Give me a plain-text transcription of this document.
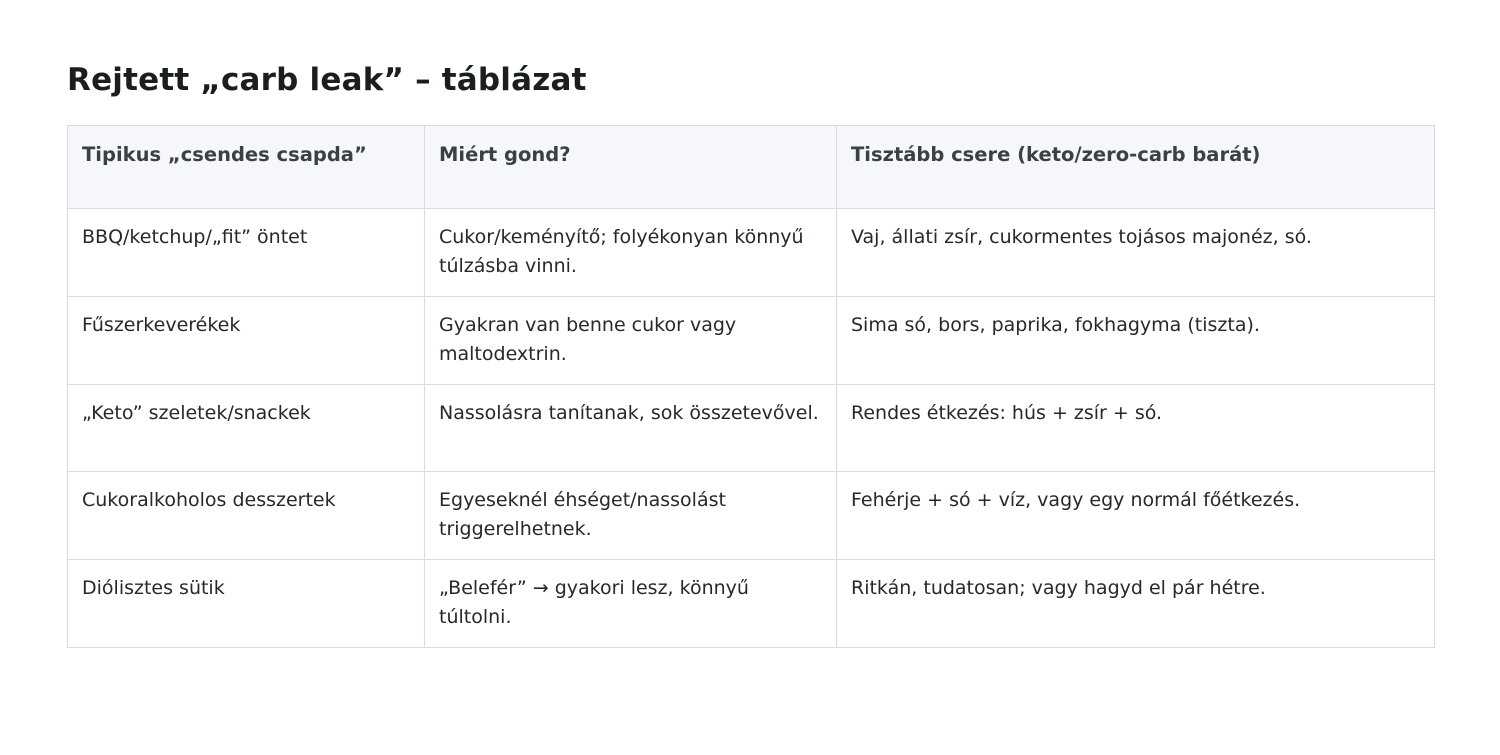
Rejtett „carb leak” – táblázat
Tipikus „csendes csapda”	Miért gond?	Tisztább csere (keto/zero-carb barát)
BBQ/ketchup/„fit” öntet	Cukor/keményítő; folyékonyan könnyű túlzásba vinni.	Vaj, állati zsír, cukormentes tojásos majonéz, só.
Fűszerkeverékek	Gyakran van benne cukor vagy maltodextrin.	Sima só, bors, paprika, fokhagyma (tiszta).
„Keto” szeletek/snackek	Nassolásra tanítanak, sok összetevővel.	Rendes étkezés: hús + zsír + só.
Cukoralkoholos desszertek	Egyeseknél éhséget/nassolást triggerelhetnek.	Fehérje + só + víz, vagy egy normál főétkezés.
Diólisztes sütik	„Belefér” → gyakori lesz, könnyű túltolni.	Ritkán, tudatosan; vagy hagyd el pár hétre.
